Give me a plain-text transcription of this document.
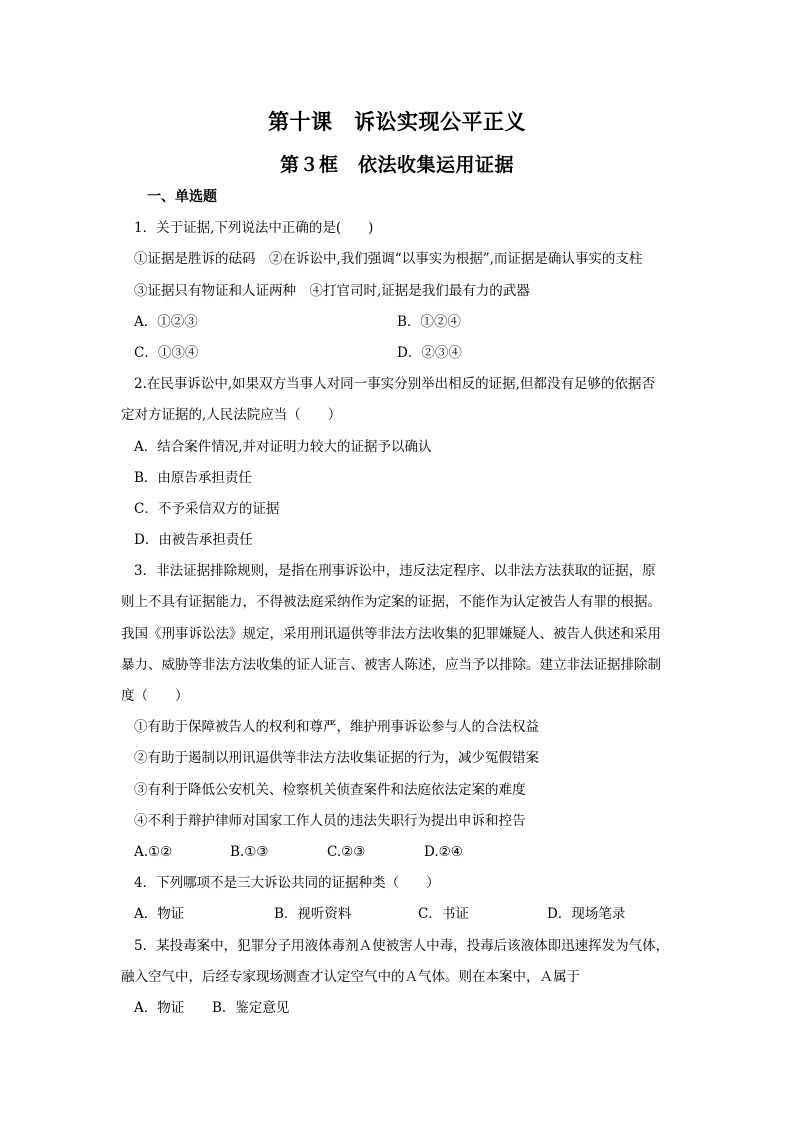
第十课　诉讼实现公平正义
第３框　依法收集运用证据
一、单选题
1．关于证据,下列说法中正确的是(　　)
①证据是胜诉的砝码　②在诉讼中,我们强调“以事实为根据”,而证据是确认事实的支柱
③证据只有物证和人证两种　④打官司时,证据是我们最有力的武器
A．①②③	B．①②④
C．①③④	D．②③④
2.在民事诉讼中,如果双方当事人对同一事实分别举出相反的证据,但都没有足够的依据否
定对方证据的,人民法院应当（　　）
A．结合案件情况,并对证明力较大的证据予以确认
B．由原告承担责任
C．不予采信双方的证据
D．由被告承担责任
3．非法证据排除规则，是指在刑事诉讼中，违反法定程序、以非法方法获取的证据，原
则上不具有证据能力，不得被法庭采纳作为定案的证据，不能作为认定被告人有罪的根据。
我国《刑事诉讼法》规定，采用刑讯逼供等非法方法收集的犯罪嫌疑人、被告人供述和采用
暴力、威胁等非法方法收集的证人证言、被害人陈述，应当予以排除。建立非法证据排除制
度（　　）
①有助于保障被告人的权利和尊严，维护刑事诉讼参与人的合法权益
②有助于遏制以刑讯逼供等非法方法收集证据的行为，减少冤假错案
③有利于降低公安机关、检察机关侦查案件和法庭依法定案的难度
④不利于辩护律师对国家工作人员的违法失职行为提出申诉和控告
A.①②	B.①③	C.②③	D.②④
4．下列哪项不是三大诉讼共同的证据种类（　　）
A．物证	B．视听资料	C．书证	D．现场笔录
5．某投毒案中，犯罪分子用液体毒剂Ａ使被害人中毒，投毒后该液体即迅速挥发为气体，
融入空气中，后经专家现场测查才认定空气中的Ａ气体。则在本案中，Ａ属于
A．物证 B．鉴定意见
